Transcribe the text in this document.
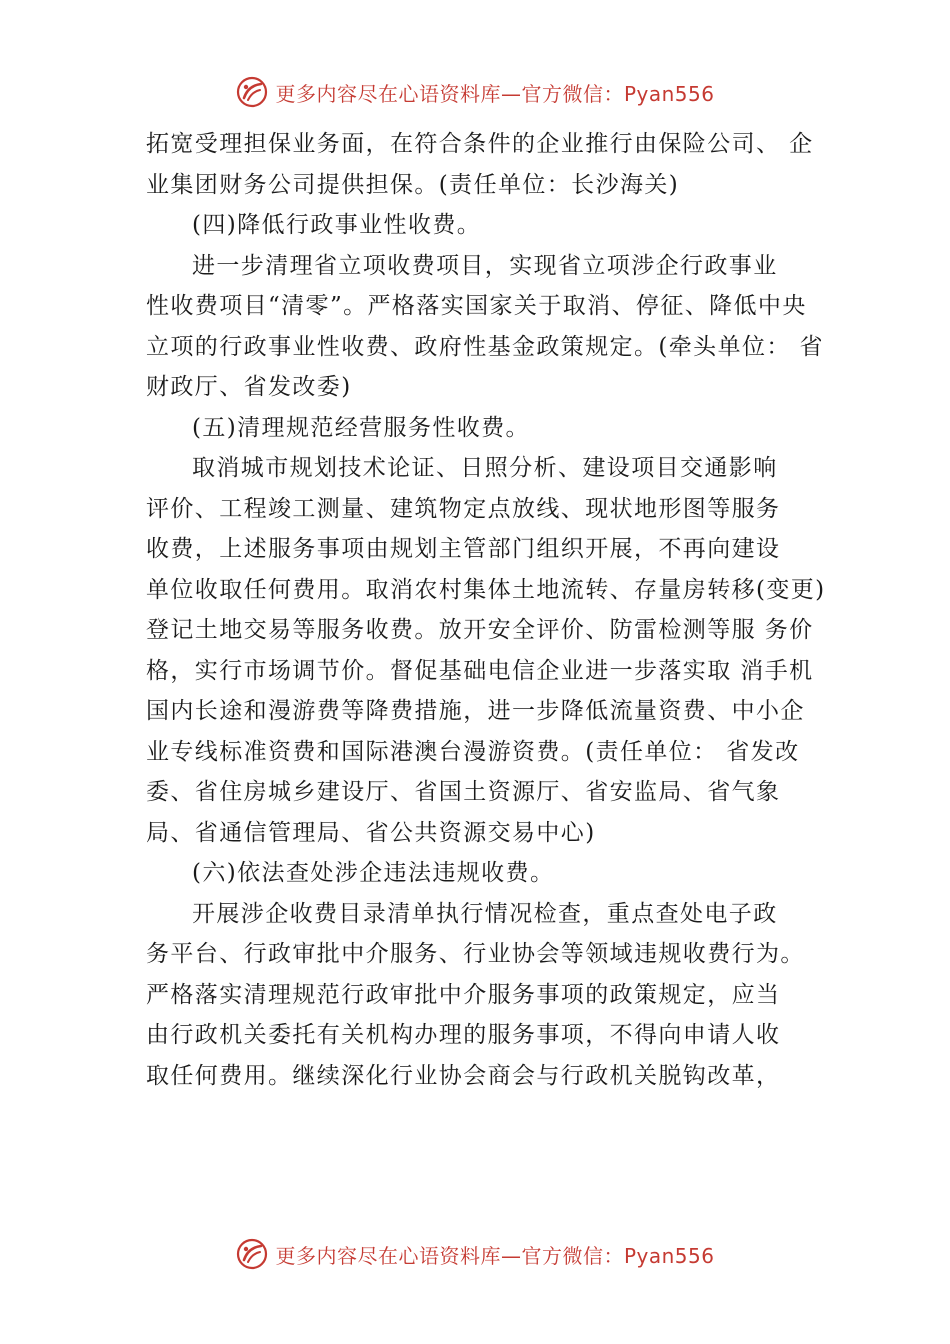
更多内容尽在心语资料库—官方微信：Pyan556
拓宽受理担保业务面，在符合条件的企业推行由保险公司、 企
业集团财务公司提供担保。(责任单位：长沙海关)
(四)降低行政事业性收费。
进一步清理省立项收费项目，实现省立项涉企行政事业
性收费项目“清零”。严格落实国家关于取消、停征、降低中央
立项的行政事业性收费、政府性基金政策规定。(牵头单位： 省
财政厅、省发改委)
(五)清理规范经营服务性收费。
取消城市规划技术论证、日照分析、建设项目交通影响
评价、工程竣工测量、建筑物定点放线、现状地形图等服务
收费，上述服务事项由规划主管部门组织开展，不再向建设
单位收取任何费用。取消农村集体土地流转、存量房转移(变更)
登记土地交易等服务收费。放开安全评价、防雷检测等服 务价
格，实行市场调节价。督促基础电信企业进一步落实取 消手机
国内长途和漫游费等降费措施，进一步降低流量资费、中小企
业专线标准资费和国际港澳台漫游资费。(责任单位： 省发改
委、省住房城乡建设厅、省国土资源厅、省安监局、省气象
局、省通信管理局、省公共资源交易中心)
(六)依法查处涉企违法违规收费。
开展涉企收费目录清单执行情况检查，重点查处电子政
务平台、行政审批中介服务、行业协会等领域违规收费行为。
严格落实清理规范行政审批中介服务事项的政策规定，应当
由行政机关委托有关机构办理的服务事项，不得向申请人收
取任何费用。继续深化行业协会商会与行政机关脱钩改革，
更多内容尽在心语资料库—官方微信：Pyan556
